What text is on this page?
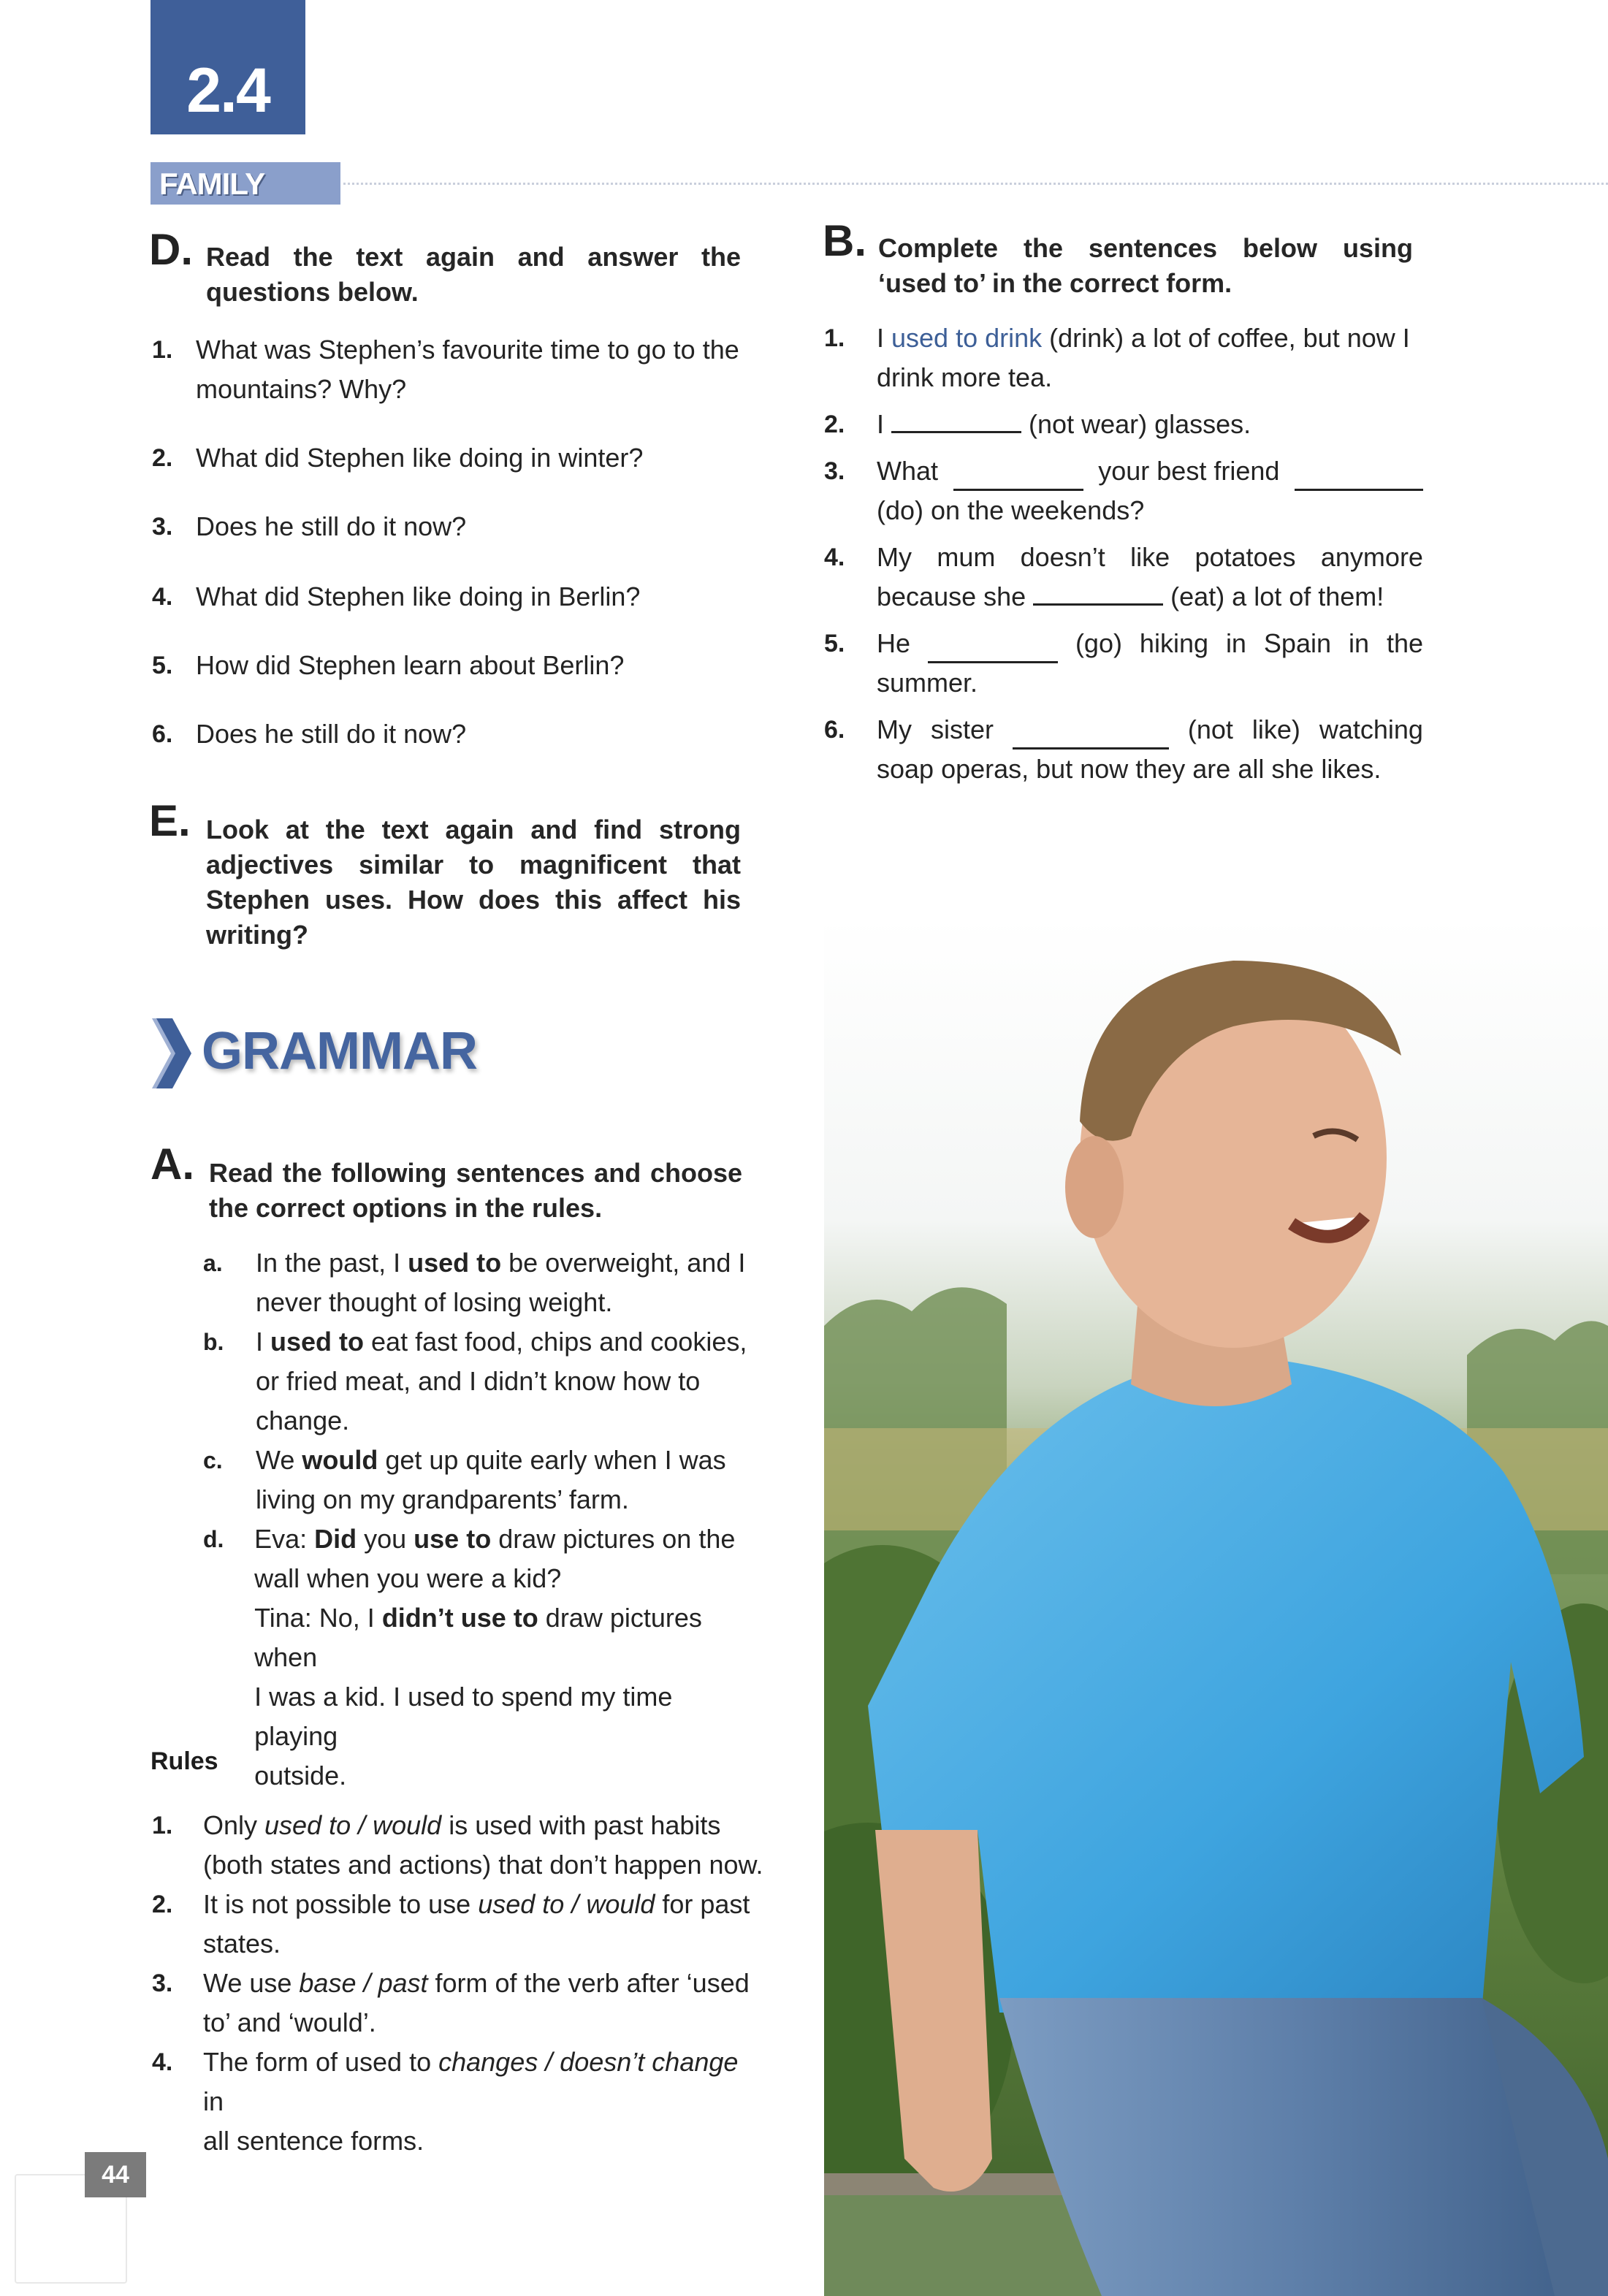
2.4
FAMILY
D. Read the text again and answer the questions below.
1. What was Stephen’s favourite time to go to the
mountains? Why?
2. What did Stephen like doing in winter?
3. Does he still do it now?
4. What did Stephen like doing in Berlin?
5. How did Stephen learn about Berlin?
6. Does he still do it now?
E. Look at the text again and find strong adjectives similar to magnificent that Stephen uses. How does this affect his writing?
GRAMMAR
A. Read the following sentences and choose the correct options in the rules.
a.	In the past, I used to be overweight, and I
never thought of losing weight.
b.	I used to eat fast food, chips and cookies,
or fried meat, and I didn’t know how to
change.
c.	We would get up quite early when I was
living on my grandparents’ farm.
d.	Eva: Did you use to draw pictures on the
wall when you were a kid?
Tina: No, I didn’t use to draw pictures when
I was a kid. I used to spend my time playing
outside.
Rules
1.	Only used to / would is used with past habits
(both states and actions) that don’t happen now.
2.	It is not possible to use used to / would for past
states.
3.	We use base / past form of the verb after ‘used
to’ and ‘would’.
4.	The form of used to changes / doesn’t change in
all sentence forms.
B. Complete the sentences below using ‘used to’ in the correct form.
1.	I used to drink (drink) a lot of coffee, but now I
drink more tea.
2.	I	(not wear) glasses.
3.	What	your best friend
(do) on the weekends?
4.	My mum doesn’t like potatoes anymore
because she	(eat) a lot of them!
5.	He	(go) hiking in Spain in the
summer.
6.	My sister	(not like) watching
soap operas, but now they are all she likes.
44
